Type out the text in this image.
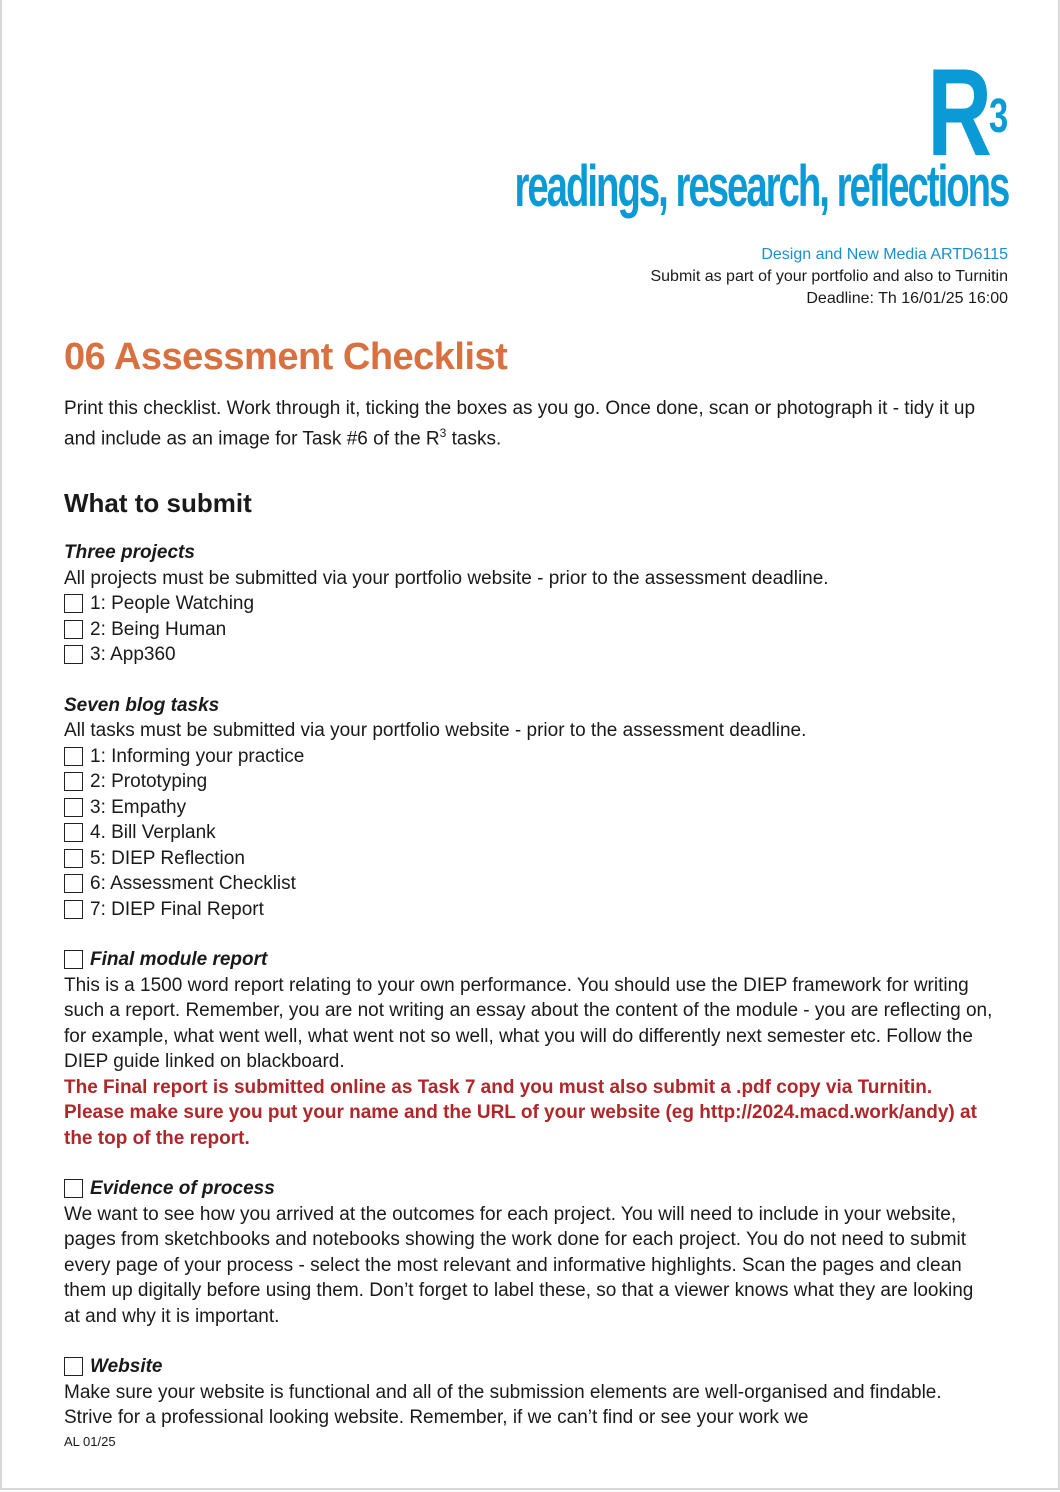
$R^3$
readings, research, reflections
Design and New Media ARTD6115
Submit as part of your portfolio and also to Turnitin
Deadline: Th 16/01/25 16:00
06 Assessment Checklist

Print this checklist. Work through it, ticking the boxes as you go. Once done, scan or photograph it - tidy it up and include as an image for Task #6 of the $R^3$ tasks.

What to submit
Three projects

All projects must be submitted via your portfolio website - prior to the assessment deadline.

1: People Watching
2: Being Human
3: App360
Seven blog tasks

All tasks must be submitted via your portfolio website - prior to the assessment deadline.

1: Informing your practice
2: Prototyping
3: Empathy
4. Bill Verplank
5: DIEP Reflection
6: Assessment Checklist
7: DIEP Final Report
Final module report

This is a 1500 word report relating to your own performance. You should use the DIEP framework for writing such a report. Remember, you are not writing an essay about the content of the module - you are reflecting on, for example, what went well, what went not so well, what you will do differently next semester etc. Follow the DIEP guide linked on blackboard.

The Final report is submitted online as Task 7 and you must also submit a .pdf copy via Turnitin. Please make sure you put your name and the URL of your website (eg http://2024.macd.work/andy) at the top of the report.

Evidence of process

We want to see how you arrived at the outcomes for each project. You will need to include in your website, pages from sketchbooks and notebooks showing the work done for each project. You do not need to submit every page of your process - select the most relevant and informative highlights. Scan the pages and clean them up digitally before using them. Don’t forget to label these, so that a viewer knows what they are looking at and why it is important.

Website

Make sure your website is functional and all of the submission elements are well-organised and findable. Strive for a professional looking website. Remember, if we can’t find or see your work we

AL 01/25
